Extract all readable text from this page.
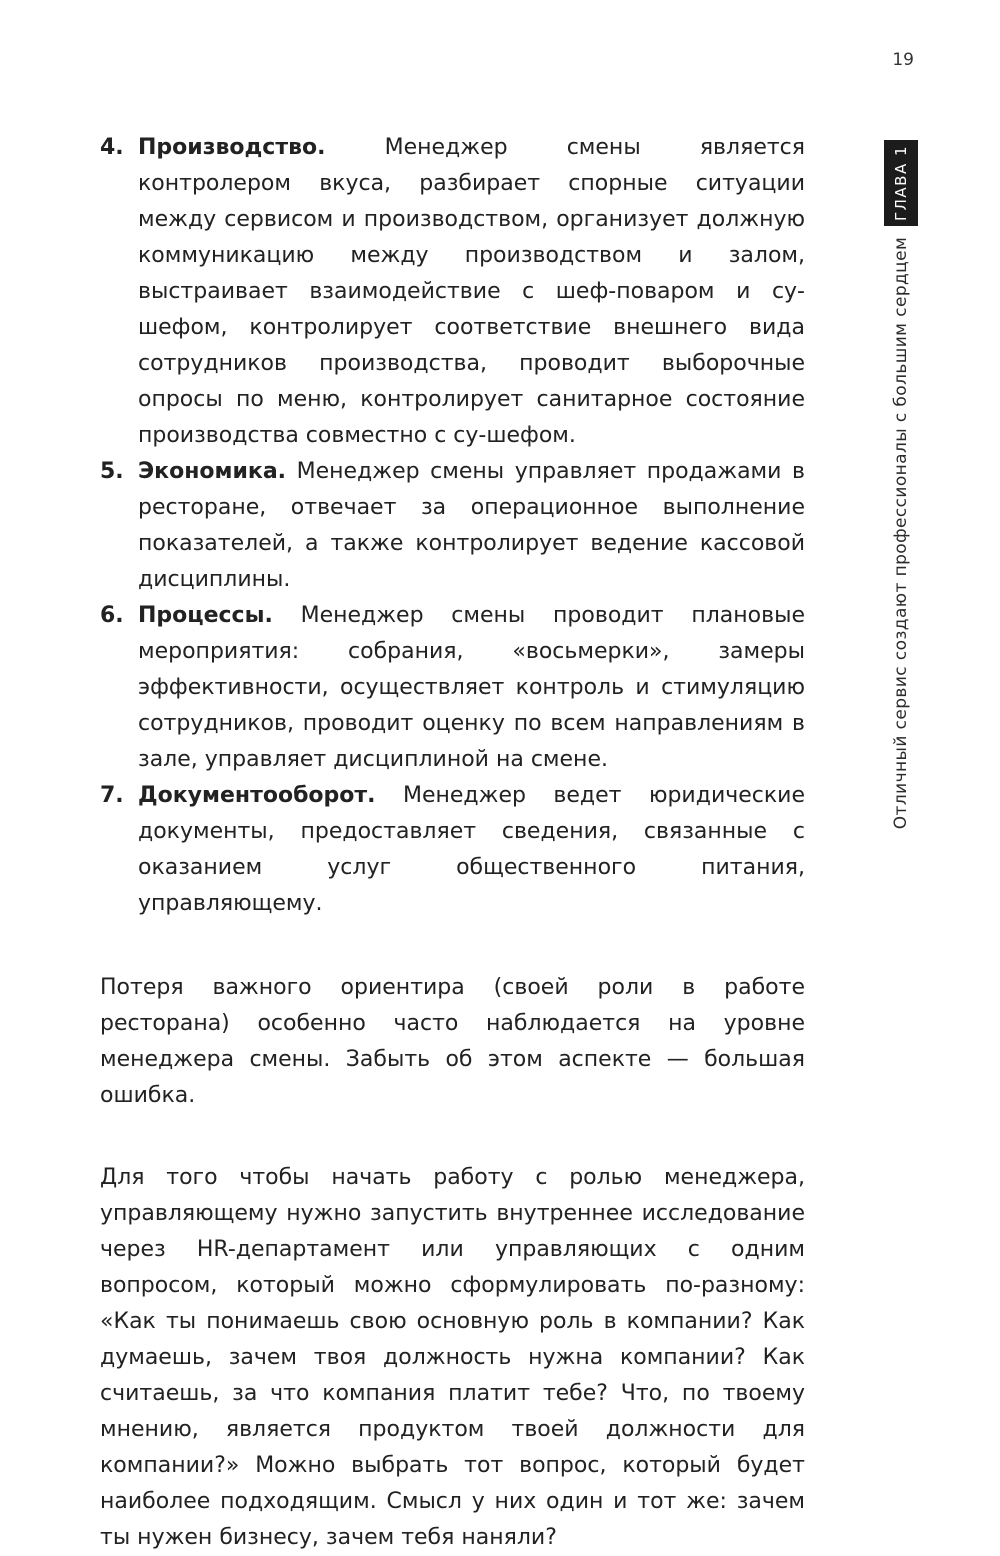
19
ГЛАВА 1
Отличный сервис создают профессионалы с большим сердцем
4. Производство. Менеджер смены является контролером вкуса, разбирает спорные ситуации между сервисом и производством, организует должную коммуникацию между производством и залом, выстраивает взаимодействие с шеф-поваром и су-шефом, контролирует соответствие внешнего вида сотрудников производства, проводит выборочные опросы по меню, контролирует санитарное состояние производства совместно с су-шефом.
5. Экономика. Менеджер смены управляет продажами в ресторане, отвечает за операционное выполнение показателей, а также контролирует ведение кассовой дисциплины.
6. Процессы. Менеджер смены проводит плановые мероприятия: собрания, «восьмерки», замеры эффективности, осуществляет контроль и стимуляцию сотрудников, проводит оценку по всем направлениям в зале, управляет дисциплиной на смене.
7. Документооборот. Менеджер ведет юридические документы, предоставляет сведения, связанные с оказанием услуг общественного питания, управляющему.

Потеря важного ориентира (своей роли в работе ресторана) особенно часто наблюдается на уровне менеджера смены. Забыть об этом аспекте — большая ошибка.

Для того чтобы начать работу с ролью менеджера, управляющему нужно запустить внутреннее исследование через HR-департамент или управляющих с одним вопросом, который можно сформулировать по-разному: «Как ты понимаешь свою основную роль в компании? Как думаешь, зачем твоя должность нужна компании? Как считаешь, за что компания платит тебе? Что, по твоему мнению, является продуктом твоей должности для компании?» Можно выбрать тот вопрос, который будет наиболее подходящим. Смысл у них один и тот же: зачем ты нужен бизнесу, зачем тебя наняли?
